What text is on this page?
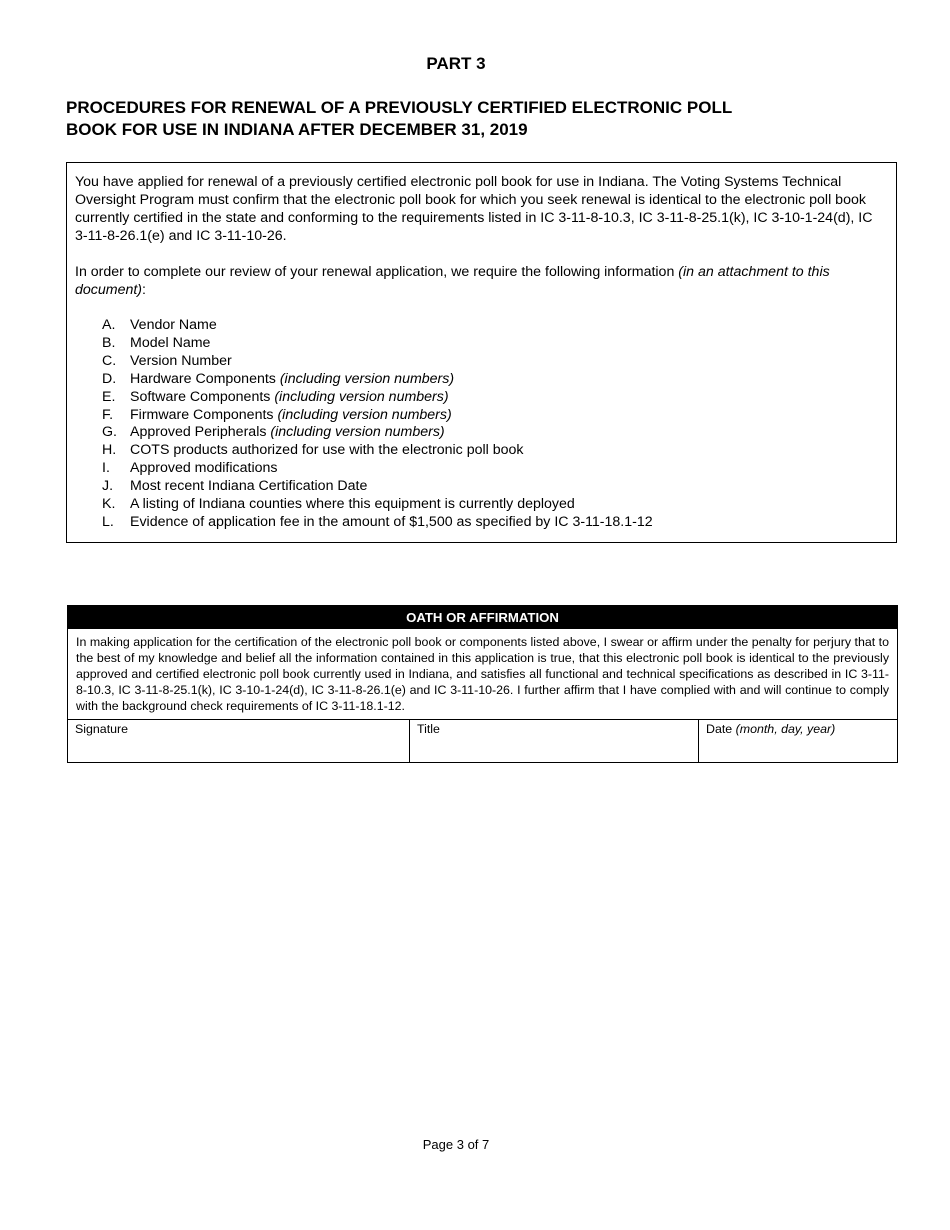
PART 3
PROCEDURES FOR RENEWAL OF A PREVIOUSLY CERTIFIED ELECTRONIC POLL
BOOK FOR USE IN INDIANA AFTER DECEMBER 31, 2019

You have applied for renewal of a previously certified electronic poll book for use in Indiana. The Voting Systems Technical Oversight Program must confirm that the electronic poll book for which you seek renewal is identical to the electronic poll book currently certified in the state and conforming to the requirements listed in IC 3-11-8-10.3, IC 3-11-8-25.1(k), IC 3-10-1-24(d), IC 3-11-8-26.1(e) and IC 3-11-10-26.

In order to complete our review of your renewal application, we require the following information (in an attachment to this document):

A.	Vendor Name
B.	Model Name
C. Version Number
D. Hardware Components (including version numbers)
E.	Software Components (including version numbers)
F.	Firmware Components (including version numbers)
G. Approved Peripherals (including version numbers)
H. COTS products authorized for use with the electronic poll book
I.	Approved modifications
J.	Most recent Indiana Certification Date
K.	A listing of Indiana counties where this equipment is currently deployed
L.	Evidence of application fee in the amount of $1,500 as specified by IC 3-11-18.1-12
OATH OR AFFIRMATION
In making application for the certification of the electronic poll book or components listed above, I swear or affirm under the penalty for perjury that to the best of my knowledge and belief all the information contained in this application is true, that this electronic poll book is identical to the previously approved and certified electronic poll book currently used in Indiana, and satisfies all functional and technical specifications as described in IC 3-11-8-10.3, IC 3-11-8-25.1(k), IC 3-10-1-24(d), IC 3-11-8-26.1(e) and IC 3-11-10-26. I further affirm that I have complied with and will continue to comply with the background check requirements of IC 3-11-18.1-12.
Signature	Title	Date (month, day, year)
Page 3 of 7
